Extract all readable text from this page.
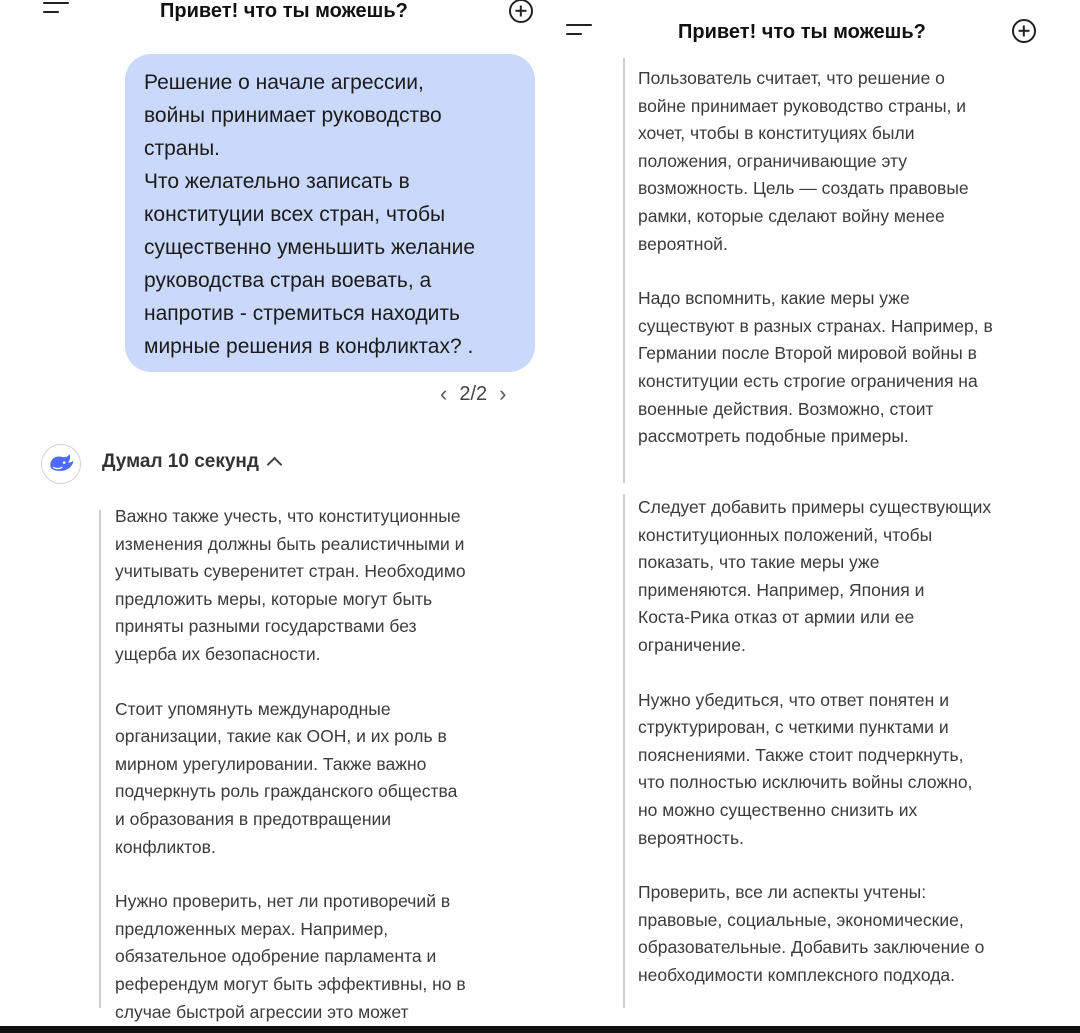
Привет! что ты можешь?
Привет! что ты можешь?

Решение о начале агрессии,

войны принимает руководство

страны.

Что желательно записать в

конституции всех стран, чтобы

существенно уменьшить желание

руководства стран воевать, а

напротив - стремиться находить

мирные решения в конфликтах? .

‹ 2/2 ›
Думал 10 секунд

Важно также учесть, что конституционные
изменения должны быть реалистичными и
учитывать суверенитет стран. Необходимо
предложить меры, которые могут быть
приняты разными государствами без
ущерба их безопасности.

Стоит упомянуть международные
организации, такие как ООН, и их роль в
мирном урегулировании. Также важно
подчеркнуть роль гражданского общества
и образования в предотвращении
конфликтов.

Нужно проверить, нет ли противоречий в
предложенных мерах. Например,
обязательное одобрение парламента и
референдум могут быть эффективны, но в
случае быстрой агрессии это может

Пользователь считает, что решение о
войне принимает руководство страны, и
хочет, чтобы в конституциях были
положения, ограничивающие эту
возможность. Цель — создать правовые
рамки, которые сделают войну менее
вероятной.

Надо вспомнить, какие меры уже
существуют в разных странах. Например, в
Германии после Второй мировой войны в
конституции есть строгие ограничения на
военные действия. Возможно, стоит
рассмотреть подобные примеры.

Следует добавить примеры существующих
конституционных положений, чтобы
показать, что такие меры уже
применяются. Например, Япония и
Коста-Рика отказ от армии или ее
ограничение.

Нужно убедиться, что ответ понятен и
структурирован, с четкими пунктами и
пояснениями. Также стоит подчеркнуть,
что полностью исключить войны сложно,
но можно существенно снизить их
вероятность.

Проверить, все ли аспекты учтены:
правовые, социальные, экономические,
образовательные. Добавить заключение о
необходимости комплексного подхода.
